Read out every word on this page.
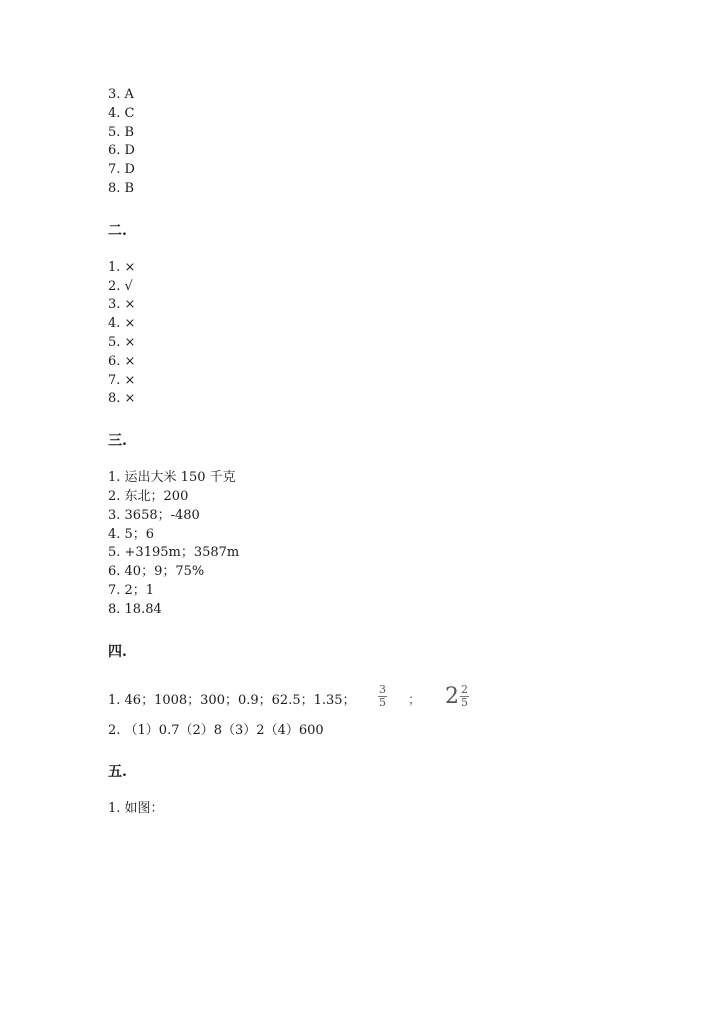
3. A
4. C
5. B
6. D
7. D
8. B
二.
1. ×
2. √
3. ×
4. ×
5. ×
6. ×
7. ×
8. ×
三.
1. 运出大米 150 千克
2. 东北；200
3. 3658；-480
4. 5；6
5. +3195m；3587m
6. 40；9；75%
7. 2；1
8. 18.84
四.
1. 46；1008；300；0.9；62.5；1.35； $\frac{3}{5}$ ； $2 \frac{2}{5}$
2. （1）0.7（2）8（3）2（4）600
五.
1. 如图：
